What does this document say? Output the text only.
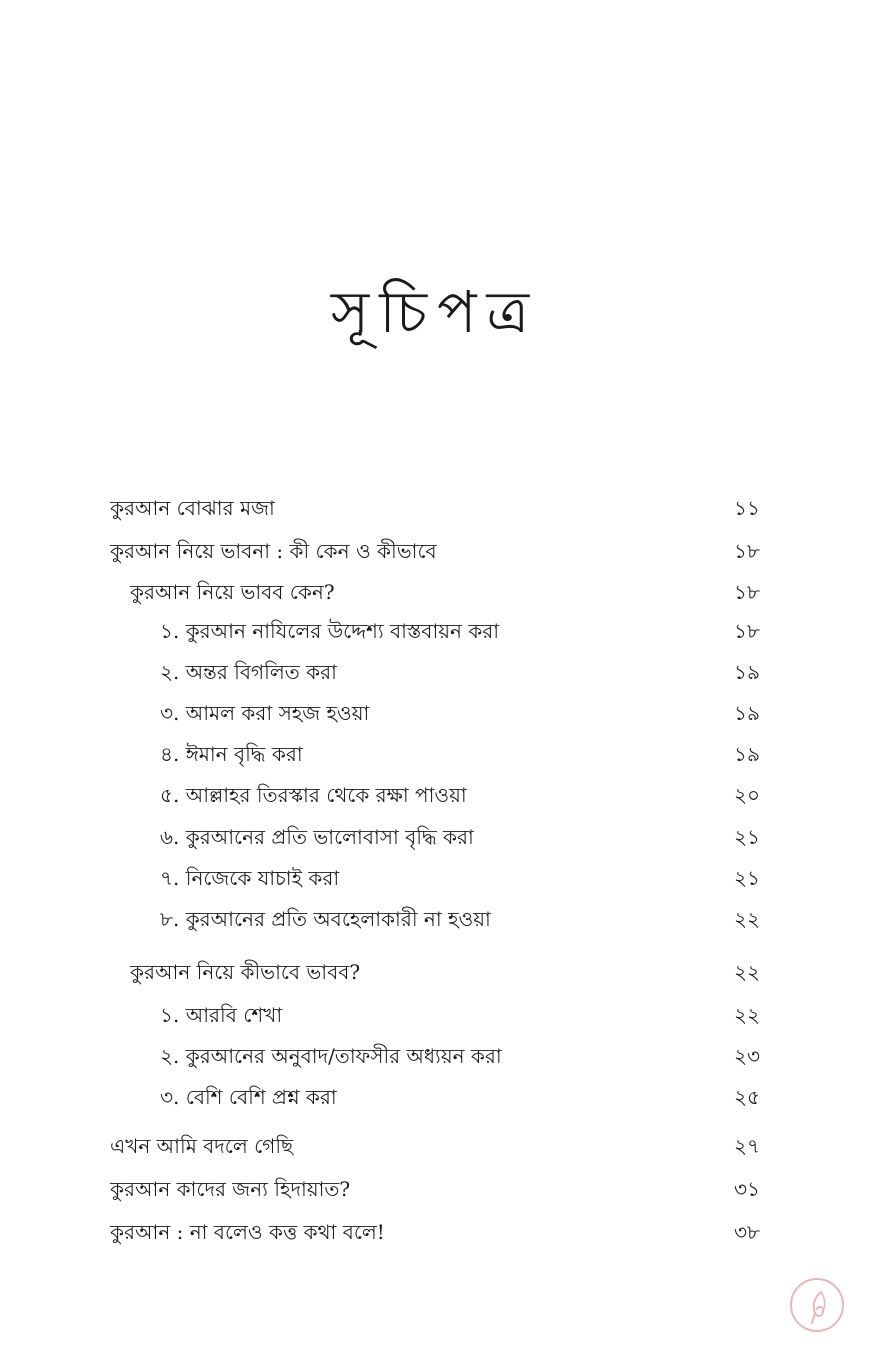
সূচিপত্র
কুরআন বোঝার মজা	১১
কুরআন নিয়ে ভাবনা : কী কেন ও কীভাবে	১৮
কুরআন নিয়ে ভাবব কেন?	১৮
১. কুরআন নাযিলের উদ্দেশ্য বাস্তবায়ন করা	১৮
২. অন্তর বিগলিত করা	১৯
৩. আমল করা সহজ হওয়া	১৯
৪. ঈমান বৃদ্ধি করা	১৯
৫. আল্লাহর তিরস্কার থেকে রক্ষা পাওয়া	২০
৬. কুরআনের প্রতি ভালোবাসা বৃদ্ধি করা	২১
৭. নিজেকে যাচাই করা	২১
৮. কুরআনের প্রতি অবহেলাকারী না হওয়া	২২
কুরআন নিয়ে কীভাবে ভাবব?	২২
১. আরবি শেখা	২২
২. কুরআনের অনুবাদ/তাফসীর অধ্যয়ন করা	২৩
৩. বেশি বেশি প্রশ্ন করা	২৫
এখন আমি বদলে গেছি	২৭
কুরআন কাদের জন্য হিদায়াত?	৩১
কুরআন : না বলেও কত্ত কথা বলে!	৩৮
